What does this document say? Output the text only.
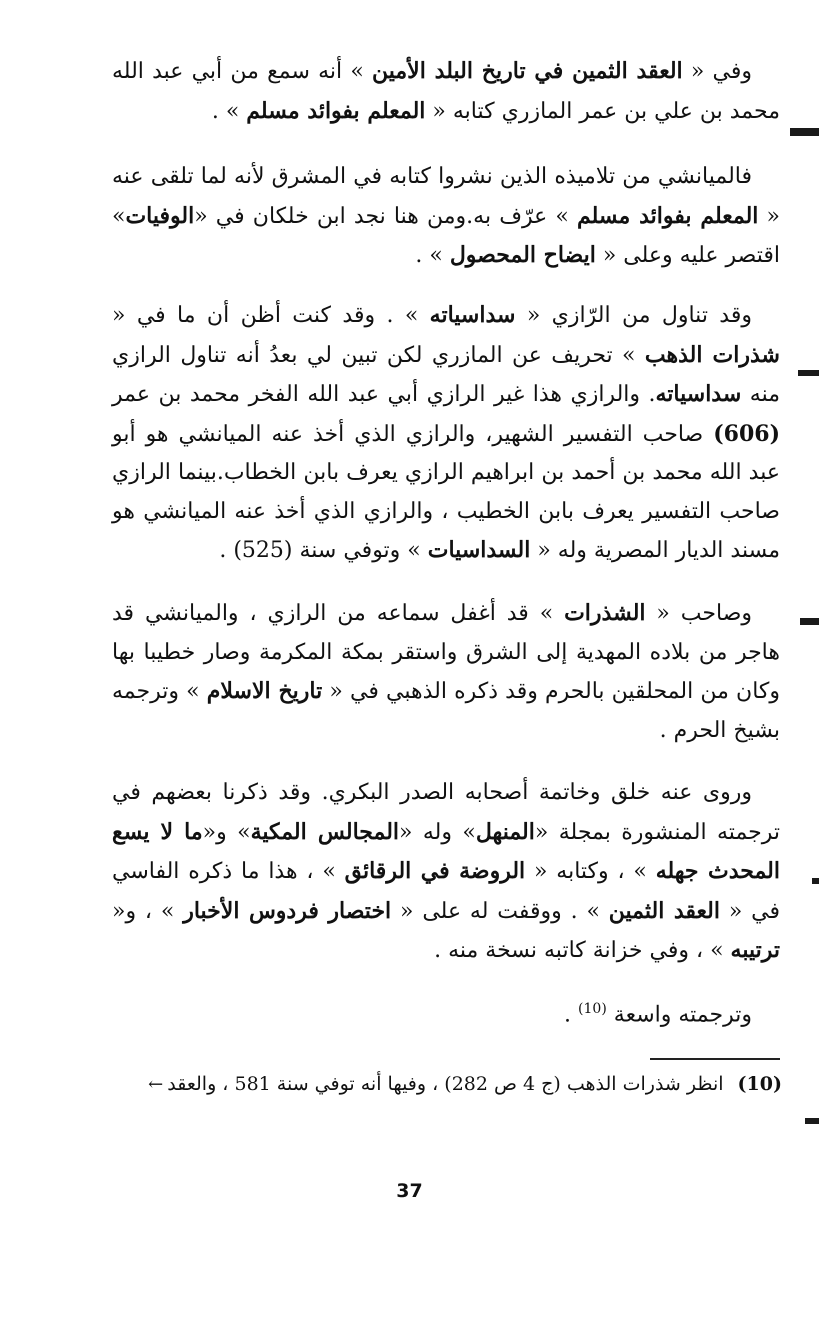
وفي « العقد الثمين في تاريخ البلد الأمين » أنه سمع من أبي عبد الله محمد بن علي بن عمر المازري كتابه « المعلم بفوائد مسلم » .
فالميانشي من تلاميذه الذين نشروا كتابه في المشرق لأنه لما تلقى عنه « المعلم بفوائد مسلم » عرّف به.ومن هنا نجد ابن خلكان في «الوفيات» اقتصر عليه وعلى « ايضاح المحصول » .
وقد تناول من الرّازي « سداسياته » . وقد كنت أظن أن ما في « شذرات الذهب » تحريف عن المازري لكن تبين لي بعدُ أنه تناول الرازي منه سداسياته. والرازي هذا غير الرازي أبي عبد الله الفخر محمد بن عمر (606) صاحب التفسير الشهير، والرازي الذي أخذ عنه الميانشي هو أبو عبد الله محمد بن أحمد بن ابراهيم الرازي يعرف بابن الخطاب.بينما الرازي صاحب التفسير يعرف بابن الخطيب ، والرازي الذي أخذ عنه الميانشي هو مسند الديار المصرية وله « السداسيات » وتوفي سنة (525) .
وصاحب « الشذرات » قد أغفل سماعه من الرازي ، والميانشي قد هاجر من بلاده المهدية إلى الشرق واستقر بمكة المكرمة وصار خطيبا بها وكان من المحلقين بالحرم وقد ذكره الذهبي في « تاريخ الاسلام » وترجمه بشيخ الحرم .
وروى عنه خلق وخاتمة أصحابه الصدر البكري. وقد ذكرنا بعضهم في ترجمته المنشورة بمجلة «المنهل» وله «المجالس المكية» و«ما لا يسع المحدث جهله » ، وكتابه « الروضة في الرقائق » ، هذا ما ذكره الفاسي في « العقد الثمين » . ووقفت له على « اختصار فردوس الأخبار » ، و« ترتيبه » ، وفي خزانة كاتبه نسخة منه .
وترجمته واسعة $^{(10)}$ .
(10)انظر شذرات الذهب (ج 4 ص 282) ، وفيها أنه توفي سنة 581 ، والعقد←
37
